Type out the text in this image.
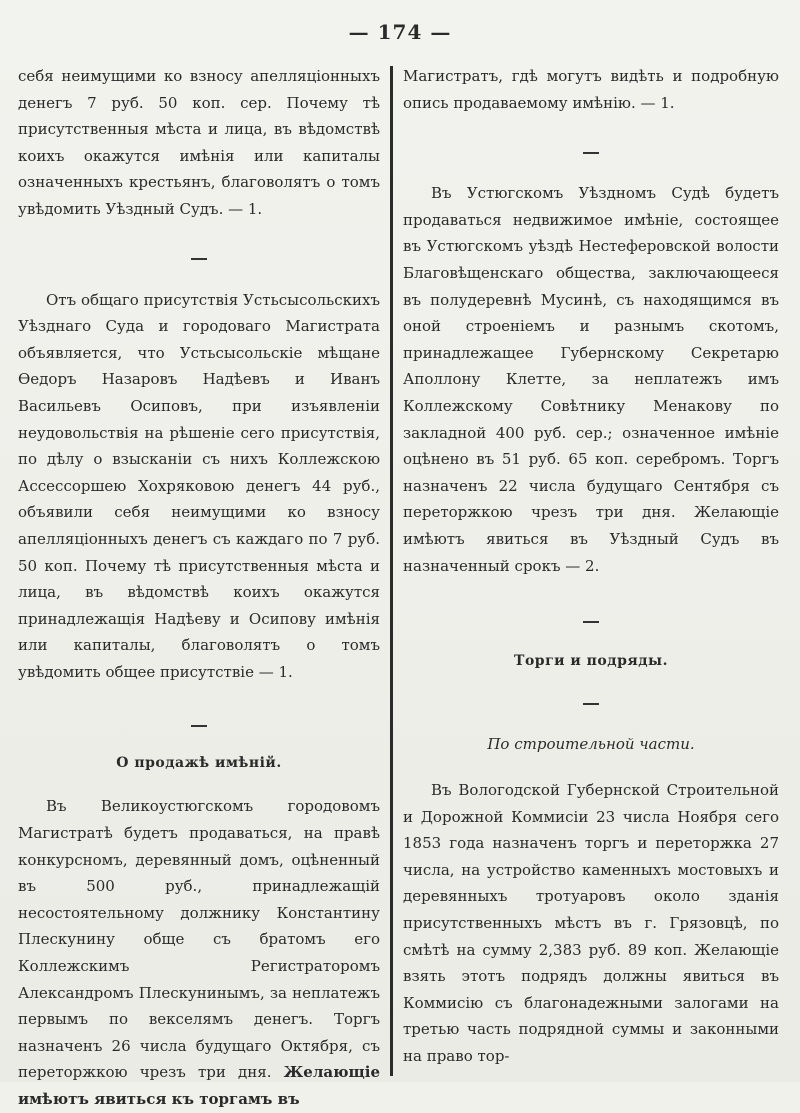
— 174 —

себя неимущими ко взносу апелляціонныхъ денегъ 7 руб. 50 коп. сер. Почему тѣ присутственныя мѣста и лица, въ вѣдомствѣ коихъ окажутся имѣнія или капиталы означенныхъ крестьянъ, благоволятъ о томъ увѣдомить Уѣздный Судъ. — 1.

Отъ общаго присутствія Устьсысольскихъ Уѣзднаго Суда и городоваго Магистрата объявляется, что Устьсысольскіе мѣщане Ѳедоръ Назаровъ Надѣевъ и Иванъ Васильевъ Осиповъ, при изъявленіи неудовольствія на рѣшеніе сего присутствія, по дѣлу о взысканіи съ нихъ Коллежскою Ассессоршею Хохряковою денегъ 44 руб., объявили себя неимущими ко взносу апелляціонныхъ денегъ съ каждаго по 7 руб. 50 коп. Почему тѣ присутственныя мѣста и лица, въ вѣдомствѣ коихъ окажутся принадлежащія Надѣеву и Осипову имѣнія или капиталы, благоволятъ о томъ увѣдомить общее присутствіе — 1.

О продажѣ имѣній.

Въ Великоустюгскомъ городовомъ Магистратѣ будетъ продаваться, на правѣ конкурсномъ, деревянный домъ, оцѣненный въ 500 руб., принадлежащій несостоятельному должнику Константину Плескунину обще съ братомъ его Коллежскимъ Регистраторомъ Александромъ Плескунинымъ, за неплатежъ первымъ по векселямъ денегъ. Торгъ назначенъ 26 числа будущаго Октября, съ переторжкою чрезъ три дня. Желающіе имѣютъ явиться къ торгамъ въ

Магистратъ, гдѣ могутъ видѣть и подробную опись продаваемому имѣнію. — 1.

Въ Устюгскомъ Уѣздномъ Судѣ будетъ продаваться недвижимое имѣніе, состоящее въ Устюгскомъ уѣздѣ Нестеферовской волости Благовѣщенскаго общества, заключающееся въ полудеревнѣ Мусинѣ, съ находящимся въ оной строеніемъ и разнымъ скотомъ, принадлежащее Губернскому Секретарю Аполлону Клетте, за неплатежъ имъ Коллежскому Совѣтнику Менакову по закладной 400 руб. сер.; означенное имѣніе оцѣнено въ 51 руб. 65 коп. серебромъ. Торгъ назначенъ 22 числа будущаго Сентября съ переторжкою чрезъ три дня. Желающіе имѣютъ явиться въ Уѣздный Судъ въ назначенный срокъ — 2.

Торги и подряды.

По строительной части.

Въ Вологодской Губернской Строительной и Дорожной Коммисіи 23 числа Ноября сего 1853 года назначенъ торгъ и переторжка 27 числа, на устройство каменныхъ мостовыхъ и деревянныхъ тротуаровъ около зданія присутственныхъ мѣстъ въ г. Грязовцѣ, по смѣтѣ на сумму 2,383 руб. 89 коп. Желающіе взять этотъ подрядъ должны явиться въ Коммисію съ благонадежными залогами на третью часть подрядной суммы и законными на право тор-
